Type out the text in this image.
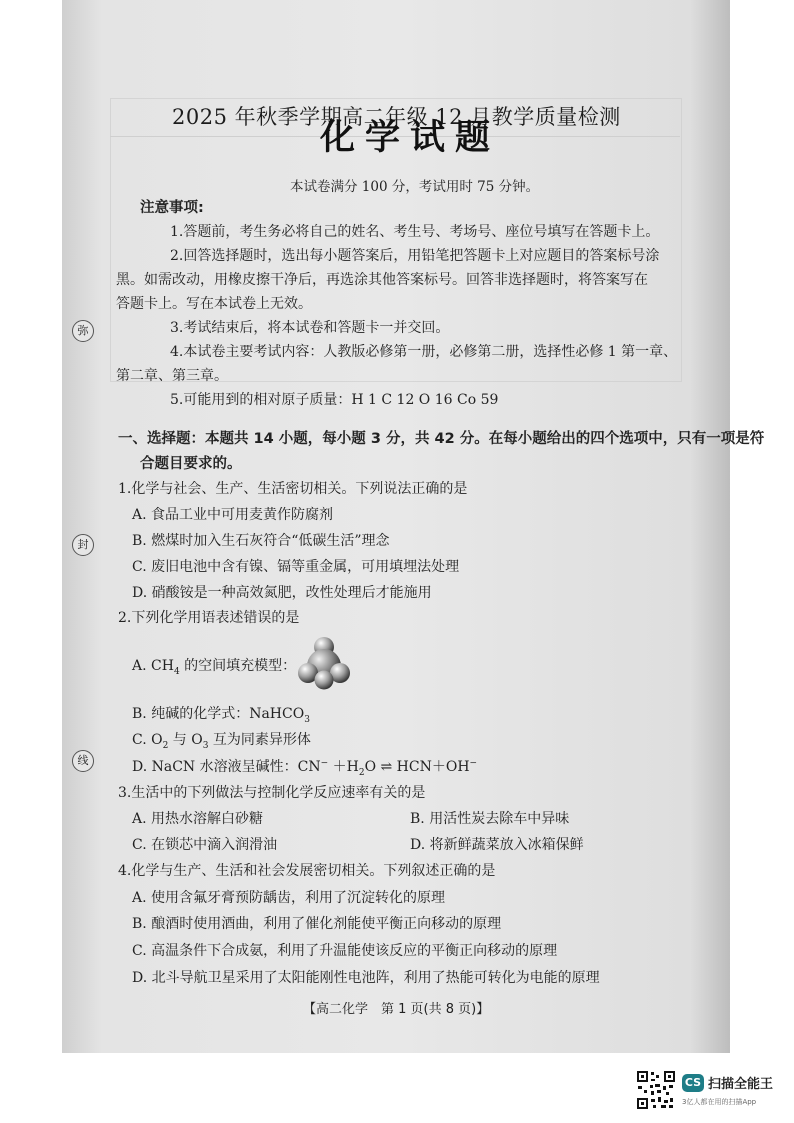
弥
封
线
2025 年秋季学期高二年级 12 月教学质量检测
化学试题
本试卷满分 100 分，考试用时 75 分钟。
注意事项:
1.答题前，考生务必将自己的姓名、考生号、考场号、座位号填写在答题卡上。
2.回答选择题时，选出每小题答案后，用铅笔把答题卡上对应题目的答案标号涂
黑。如需改动，用橡皮擦干净后，再选涂其他答案标号。回答非选择题时，将答案写在
答题卡上。写在本试卷上无效。
3.考试结束后，将本试卷和答题卡一并交回。
4.本试卷主要考试内容：人教版必修第一册，必修第二册，选择性必修 1 第一章、
第二章、第三章。
5.可能用到的相对原子质量：H 1 C 12 O 16 Co 59
一、选择题：本题共 14 小题，每小题 3 分，共 42 分。在每小题给出的四个选项中，只有一项是符
合题目要求的。
1.化学与社会、生产、生活密切相关。下列说法正确的是
A. 食品工业中可用麦黄作防腐剂
B. 燃煤时加入生石灰符合“低碳生活”理念
C. 废旧电池中含有镍、镉等重金属，可用填埋法处理
D. 硝酸铵是一种高效氮肥，改性处理后才能施用
2.下列化学用语表述错误的是
A. $CH_4$ 的空间填充模型：
B. 纯碱的化学式：NaHCO$_3$
C. $O_2$ 与 $O_3$ 互为同素异形体
D. NaCN 水溶液呈碱性：$CN^- +H_2O$ ⇌ HCN＋OH−
3.生活中的下列做法与控制化学反应速率有关的是
A. 用热水溶解白砂糖	B. 用活性炭去除车中异味
C. 在锁芯中滴入润滑油	D. 将新鲜蔬菜放入冰箱保鲜
4.化学与生产、生活和社会发展密切相关。下列叙述正确的是
A. 使用含氟牙膏预防龋齿，利用了沉淀转化的原理
B. 酿酒时使用酒曲，利用了催化剂能使平衡正向移动的原理
C. 高温条件下合成氨，利用了升温能使该反应的平衡正向移动的原理
D. 北斗导航卫星采用了太阳能刚性电池阵，利用了热能可转化为电能的原理
【高二化学　第 1 页(共 8 页)】
CS 扫描全能王
3亿人都在用的扫描App
